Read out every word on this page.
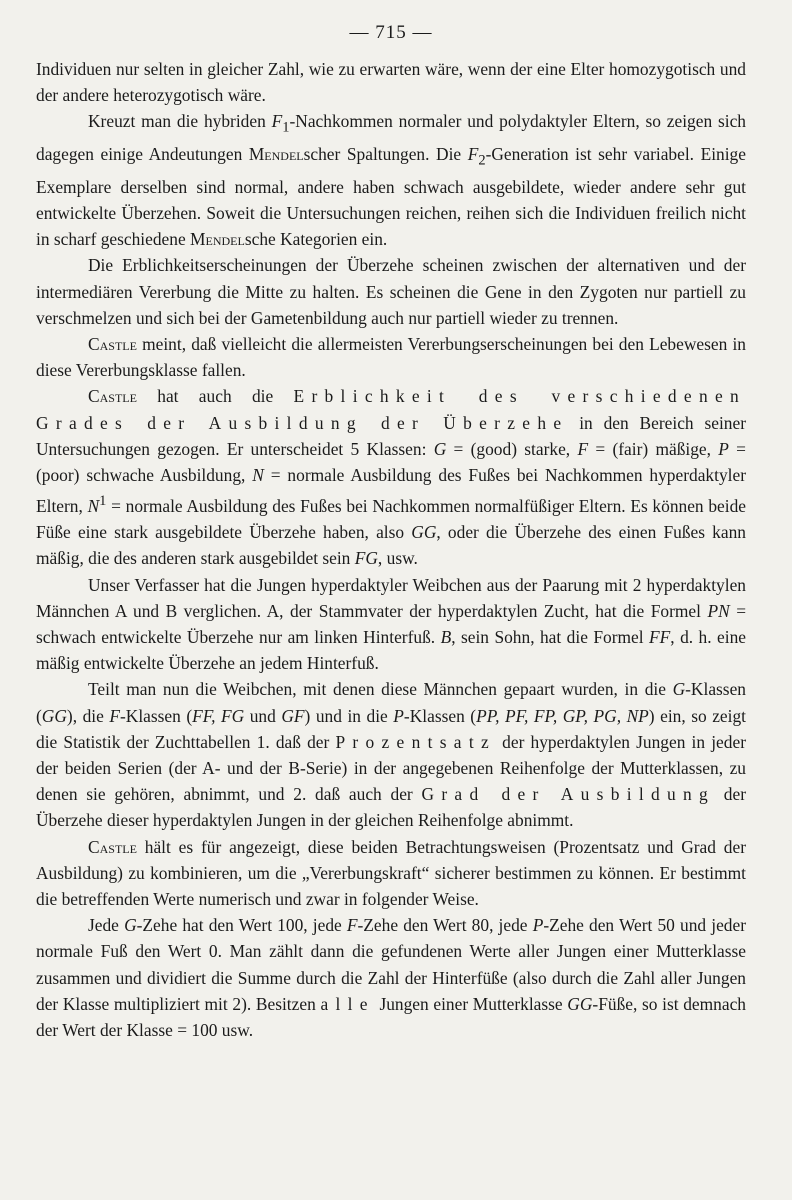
— 715 —

Individuen nur selten in gleicher Zahl, wie zu erwarten wäre, wenn der eine Elter homozygotisch und der andere heterozygotisch wäre.

Kreuzt man die hybriden $F_1$-Nachkommen normaler und polydaktyler Eltern, so zeigen sich dagegen einige Andeutungen Mendelscher Spaltungen. Die $F_2$-Generation ist sehr variabel. Einige Exemplare derselben sind normal, andere haben schwach ausgebildete, wieder andere sehr gut entwickelte Überzehen. Soweit die Untersuchungen reichen, reihen sich die Individuen freilich nicht in scharf geschiedene Mendelsche Kategorien ein.

Die Erblichkeitserscheinungen der Überzehe scheinen zwischen der alternativen und der intermediären Vererbung die Mitte zu halten. Es scheinen die Gene in den Zygoten nur partiell zu verschmelzen und sich bei der Gametenbildung auch nur partiell wieder zu trennen.

Castle meint, daß vielleicht die allermeisten Vererbungserscheinungen bei den Lebewesen in diese Vererbungsklasse fallen.

Castle hat auch die Erblichkeit des verschiedenen Grades der Ausbildung der Überzehe in den Bereich seiner Untersuchungen gezogen. Er unterscheidet 5 Klassen: G = (good) starke, F = (fair) mäßige, P = (poor) schwache Ausbildung, N = normale Ausbildung des Fußes bei Nachkommen hyperdaktyler Eltern, $N^1$ = normale Ausbildung des Fußes bei Nachkommen normalfüßiger Eltern. Es können beide Füße eine stark ausgebildete Überzehe haben, also GG, oder die Überzehe des einen Fußes kann mäßig, die des anderen stark ausgebildet sein FG, usw.

Unser Verfasser hat die Jungen hyperdaktyler Weibchen aus der Paarung mit 2 hyperdaktylen Männchen A und B verglichen. A, der Stammvater der hyperdaktylen Zucht, hat die Formel PN = schwach entwickelte Überzehe nur am linken Hinterfuß. B, sein Sohn, hat die Formel FF, d. h. eine mäßig entwickelte Überzehe an jedem Hinterfuß.

Teilt man nun die Weibchen, mit denen diese Männchen gepaart wurden, in die G-Klassen (GG), die F-Klassen (FF, FG und GF) und in die P-Klassen (PP, PF, FP, GP, PG, NP) ein, so zeigt die Statistik der Zuchttabellen 1. daß der Prozentsatz der hyperdaktylen Jungen in jeder der beiden Serien (der A- und der B-Serie) in der angegebenen Reihenfolge der Mutterklassen, zu denen sie gehören, abnimmt, und 2. daß auch der Grad der Ausbildung der Überzehe dieser hyperdaktylen Jungen in der gleichen Reihenfolge abnimmt.

Castle hält es für angezeigt, diese beiden Betrachtungsweisen (Prozentsatz und Grad der Ausbildung) zu kombinieren, um die „Vererbungskraft“ sicherer bestimmen zu können. Er bestimmt die betreffenden Werte numerisch und zwar in folgender Weise.

Jede G-Zehe hat den Wert 100, jede F-Zehe den Wert 80, jede P-Zehe den Wert 50 und jeder normale Fuß den Wert 0. Man zählt dann die gefundenen Werte aller Jungen einer Mutterklasse zusammen und dividiert die Summe durch die Zahl der Hinterfüße (also durch die Zahl aller Jungen der Klasse multipliziert mit 2). Besitzen alle Jungen einer Mutterklasse GG-Füße, so ist demnach der Wert der Klasse = 100 usw.
